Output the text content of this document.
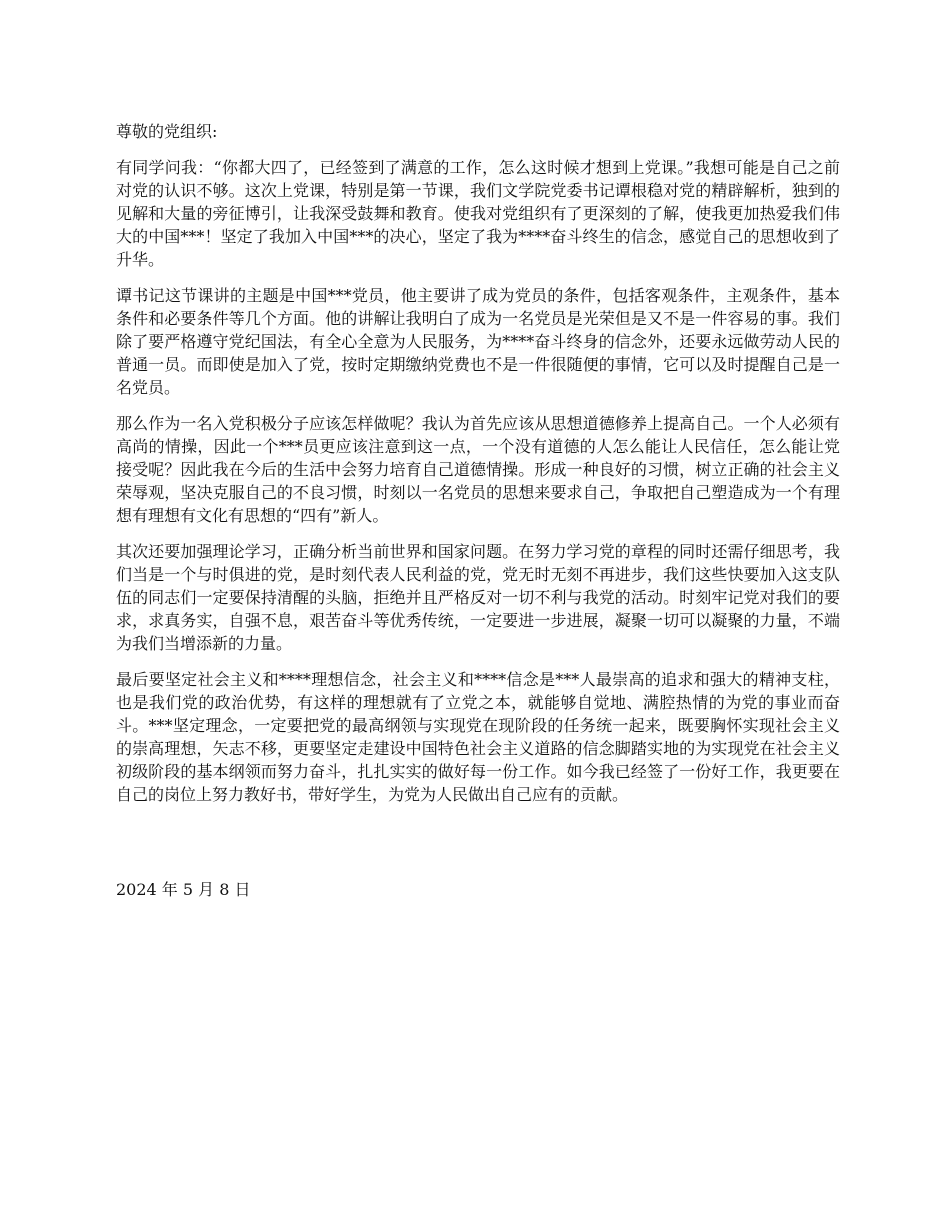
尊敬的党组织:

有同学问我：“你都大四了，已经签到了满意的工作，怎么这时候才想到上党课。”我想可能是自己之前对党的认识不够。这次上党课，特别是第一节课，我们文学院党委书记谭根稳对党的精辟解析，独到的见解和大量的旁征博引，让我深受鼓舞和教育。使我对党组织有了更深刻的了解，使我更加热爱我们伟大的中国***！坚定了我加入中国***的决心，坚定了我为****奋斗终生的信念，感觉自己的思想收到了升华。

谭书记这节课讲的主题是中国***党员，他主要讲了成为党员的条件，包括客观条件，主观条件，基本条件和必要条件等几个方面。他的讲解让我明白了成为一名党员是光荣但是又不是一件容易的事。我们除了要严格遵守党纪国法，有全心全意为人民服务，为****奋斗终身的信念外，还要永远做劳动人民的普通一员。而即使是加入了党，按时定期缴纳党费也不是一件很随便的事情，它可以及时提醒自己是一名党员。

那么作为一名入党积极分子应该怎样做呢？我认为首先应该从思想道德修养上提高自己。一个人必须有高尚的情操，因此一个***员更应该注意到这一点，一个没有道德的人怎么能让人民信任，怎么能让党接受呢？因此我在今后的生活中会努力培育自己道德情操。形成一种良好的习惯，树立正确的社会主义荣辱观，坚决克服自己的不良习惯，时刻以一名党员的思想来要求自己，争取把自己塑造成为一个有理想有理想有文化有思想的“四有”新人。

其次还要加强理论学习，正确分析当前世界和国家问题。在努力学习党的章程的同时还需仔细思考，我们当是一个与时俱进的党，是时刻代表人民利益的党，党无时无刻不再进步，我们这些快要加入这支队伍的同志们一定要保持清醒的头脑，拒绝并且严格反对一切不利与我党的活动。时刻牢记党对我们的要求，求真务实，自强不息，艰苦奋斗等优秀传统，一定要进一步进展，凝聚一切可以凝聚的力量，不端为我们当增添新的力量。

最后要坚定社会主义和****理想信念，社会主义和****信念是***人最崇高的追求和强大的精神支柱，也是我们党的政治优势，有这样的理想就有了立党之本，就能够自觉地、满腔热情的为党的事业而奋斗。***坚定理念，一定要把党的最高纲领与实现党在现阶段的任务统一起来，既要胸怀实现社会主义的崇高理想，矢志不移，更要坚定走建设中国特色社会主义道路的信念脚踏实地的为实现党在社会主义初级阶段的基本纲领而努力奋斗，扎扎实实的做好每一份工作。如今我已经签了一份好工作，我更要在自己的岗位上努力教好书，带好学生，为党为人民做出自己应有的贡献。

2024 年 5 月 8 日
